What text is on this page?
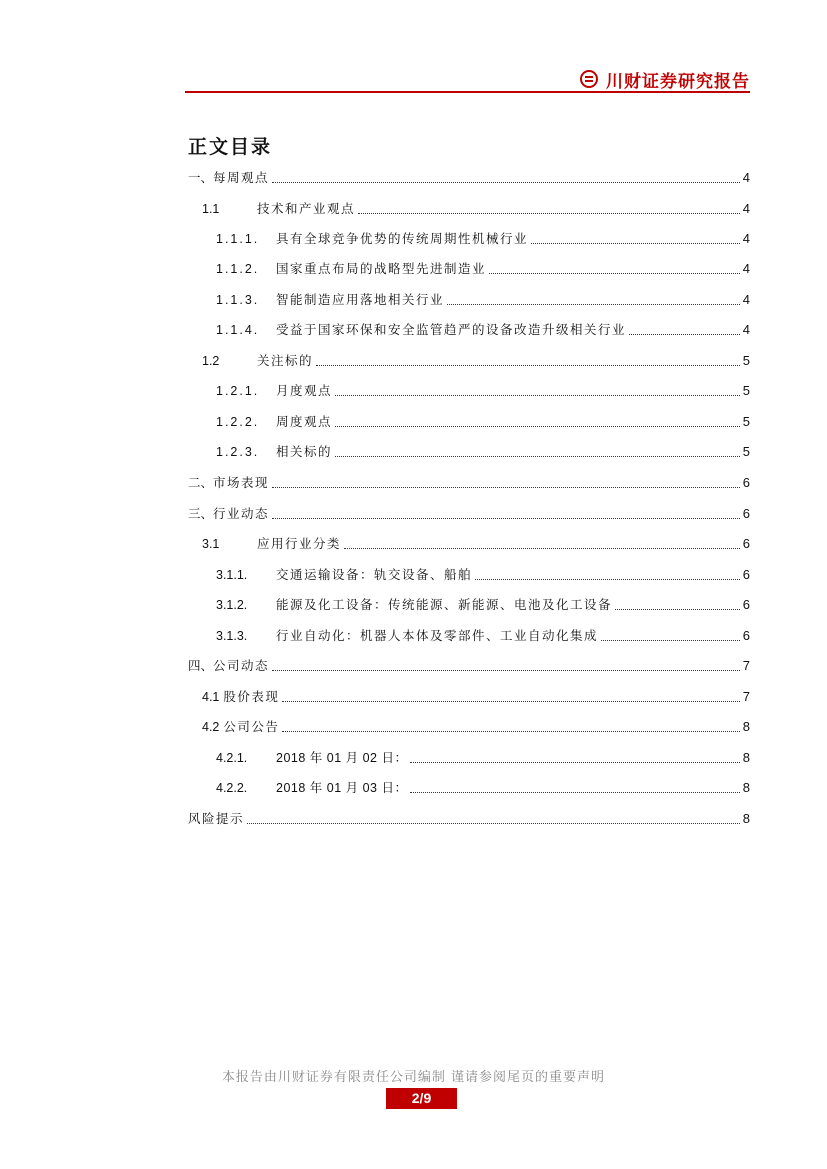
川财证券研究报告
正文目录
一、 每周观点	4
1.1	技术和产业观点	4
1.1.1. 具有全球竞争优势的传统周期性机械行业	4
1.1.2. 国家重点布局的战略型先进制造业	4
1.1.3. 智能制造应用落地相关行业	4
1.1.4. 受益于国家环保和安全监管趋严的设备改造升级相关行业	4
1.2	关注标的	5
1.2.1. 月度观点	5
1.2.2. 周度观点	5
1.2.3. 相关标的	5
二、 市场表现	6
三、 行业动态	6
3.1	应用行业分类	6
3.1.1.	交通运输设备：轨交设备、船舶	6
3.1.2.	能源及化工设备：传统能源、新能源、电池及化工设备	6
3.1.3.	行业自动化：机器人本体及零部件、工业自动化集成	6
四、 公司动态	7
4.1 股价表现	7
4.2 公司公告	8
4.2.1.	2018 年 01 月 02 日：	8
4.2.2.	2018 年 01 月 03 日：	8
风险提示	8
本报告由川财证券有限责任公司编制 谨请参阅尾页的重要声明
2/9
